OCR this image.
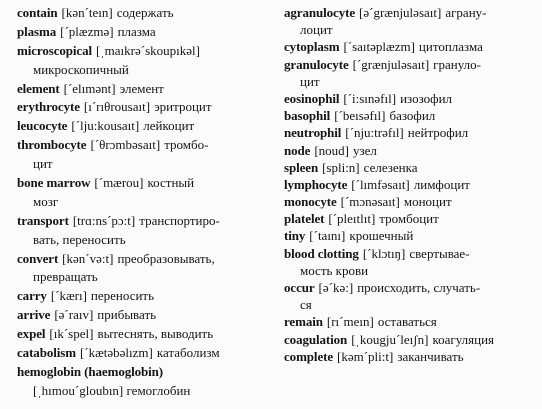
contain [kənˊteın] содержать
plasma [ˊplæzmə] плазма
microscopical [ˌmaıkrəˊskoupıkəl]
микроскопичный
element [ˊelımənt] элемент
erythrocyte [ıˊrıθrousaıt] эритроцит
leucocyte [ˊlju:kousaıt] лейкоцит
thrombocyte [ˊθrɔmbəsaıt] тромбо-
цит
bone marrow [ˊmærou] костный
мозг
transport [trɑ:nsˊpɔ:t] транспортиро-
вать, переносить
convert [kənˊvə:t] преобразовывать,
превращать
carry [ˊkærı] переносить
arrive [əˊraıv] прибывать
expel [ıkˊspel] вытеснять, выводить
catabolism [ˊkætəbəlızm] катаболизм
hemoglobin (haemoglobin)
[ˌhımouˊgloubın] гемоглобин
agranulocyte [əˊgrænjuləsaıt] аграну-
лоцит
cytoplasm [ˊsaıtəplæzm] цитоплазма
granulocyte [ˊgrænjuləsaıt] грануло-
цит
eosinophil [ˊi:sınəfıl] изозофил
basophil [ˊbeısəfıl] базофил
neutrophil [ˊnju:trəfıl] нейтрофил
node [noud] узел
spleen [spli:n] селезенка
lymphocyte [ˊlımfəsaıt] лимфоцит
monocyte [ˊmɔnəsaıt] моноцит
platelet [ˊpleıtlıt] тромбоцит
tiny [ˊtaını] крошечный
blood clotting [ˊklɔtıŋ] свертывае-
мость крови
occur [əˊkə:] происходить, случать-
ся
remain [rıˊmeın] оставаться
coagulation [ˌkougjuˊleıʃn] коагуляция
complete [kəmˊpli:t] заканчивать
